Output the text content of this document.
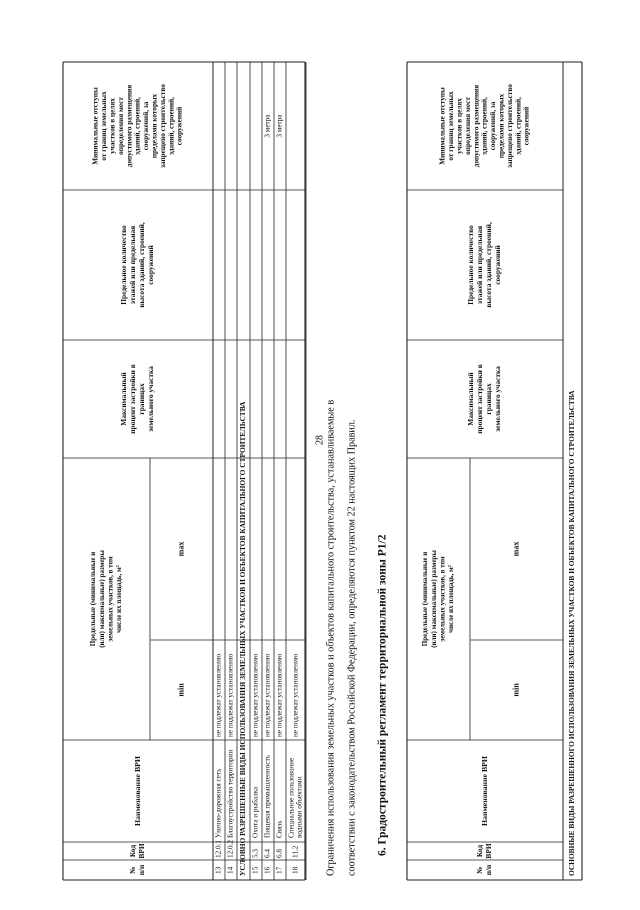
28
№ п/п
Код ВРИ
Наименование ВРИ
Предельные (минимальные и (или) максимальные) размеры земельных участков, в том числе их площадь, м²
min
max
Максимальный процент застройки в границах земельного участка
Предельное количество этажей или предельная высота зданий, строений, сооружений
Минимальные отступы от границ земельных участков в целях определения мест допустимого размещения зданий, строений, сооружений, за пределами которых запрещено строительство зданий, строений, сооружений
13
12.0.1
Улично-дорожная сеть
не подлежат установлению
14
12.0.2
Благоустройство территории
не подлежат установлению УСЛОВНО РАЗРЕШЕННЫЕ ВИДЫ ИСПОЛЬЗОВАНИЯ ЗЕМЕЛЬНЫХ УЧАСТКОВ И ОБЪЕКТОВ КАПИТАЛЬНОГО СТРОИТЕЛЬСТВА 15
5.3
Охота и рыбалка
не подлежат установлению
16
6.4
Пищевая промышленность
не подлежат установлению
3 метра
17
6.8
Связь
не подлежат установлению
3 метра
18
11.2
Специальное пользование водными объектами
не подлежат установлению	Ограничения использования земельных участков и объектов капитального строительства, устанавливаемые в соответствии с законодательством Российской Федерации, определяются пунктом 22 настоящих Правил. 6. Градостроительный регламент территориальной зоны Р1/2
№ п/п
Код ВРИ
Наименование ВРИ
Предельные (минимальные и (или) максимальные) размеры земельных участков, в том числе их площадь, м²
min
max
Максимальный процент застройки в границах земельного участка
Предельное количество этажей или предельная высота зданий, строений, сооружений
Минимальные отступы от границ земельных участков в целях определения мест допустимого размещения зданий, строений, сооружений, за пределами которых запрещено строительство зданий, строений, сооружений
ОСНОВНЫЕ ВИДЫ РАЗРЕШЕННОГО ИСПОЛЬЗОВАНИЯ ЗЕМЕЛЬНЫХ УЧАСТКОВ И ОБЪЕКТОВ КАПИТАЛЬНОГО СТРОИТЕЛЬСТВА
